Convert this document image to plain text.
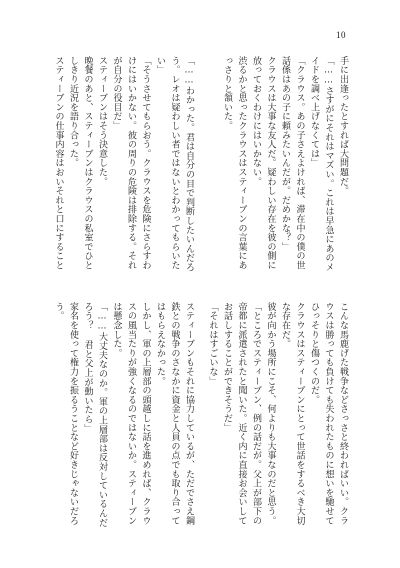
10
手に出逢ったとすれば大問題だ。
「……さすがにそれはマズい。これは早急にあのメイドを調べ上げなくては」
「クラウス。あの子さえよければ、滞在中の僕の世話係はあの子に頼みたいんだが。だめかな？」
クラウスは大事な友人だ。疑わしい存在を彼の側に放っておくわけにはいかない。
渋るかと思ったクラウスはスティーブンの言葉にあっさりと頷いた。
「……わかった。君は自分の目で判断したいんだろう。レオは疑わしい者ではないとわかってもらいたい」
「そうさせてもらおう。クラウスを危険にさらすわけにはいかない。彼の周りの危険は排除する。それが自分の役目だ」
スティーブンはそう決意した。
晩餐のあと、スティーブンはクラウスの私室でひとしきり近況を語り合った。
スティーブンの仕事内容はおいそれと口にすること

こんな馬鹿げた戦争などさっさと終わればいい。クラウスは勝っても負けても失われたものに想いを馳せてひっそりと傷つくのだ。
クラウスはスティーブンにとって世話をするべき大切な存在だ。
彼が向かう場所にこそ、何よりも大事なのだと思う。
「ところでスティーブン、例の話だが。父上が部下の帝都に派遣されたと聞いた。近く内に直接お会いしてお話しすることができそうだ」
「それはすごいな」

スティーブンもそれに協力しているが、ただでさえ鋼鉄との戦争のさなかに資金と人員の点でも取り合ってはもらえなかった。
しかし、軍の上層部の頭越しに話を進めれば、クラウスの風当たりが強くなるのではないか。スティーブンは懸念した。
「……大丈夫なのか。軍の上層部は反対しているんだろう？ 君と父上が動いたら」
家名を使って権力を振るうことなど好きじゃないだろう。
